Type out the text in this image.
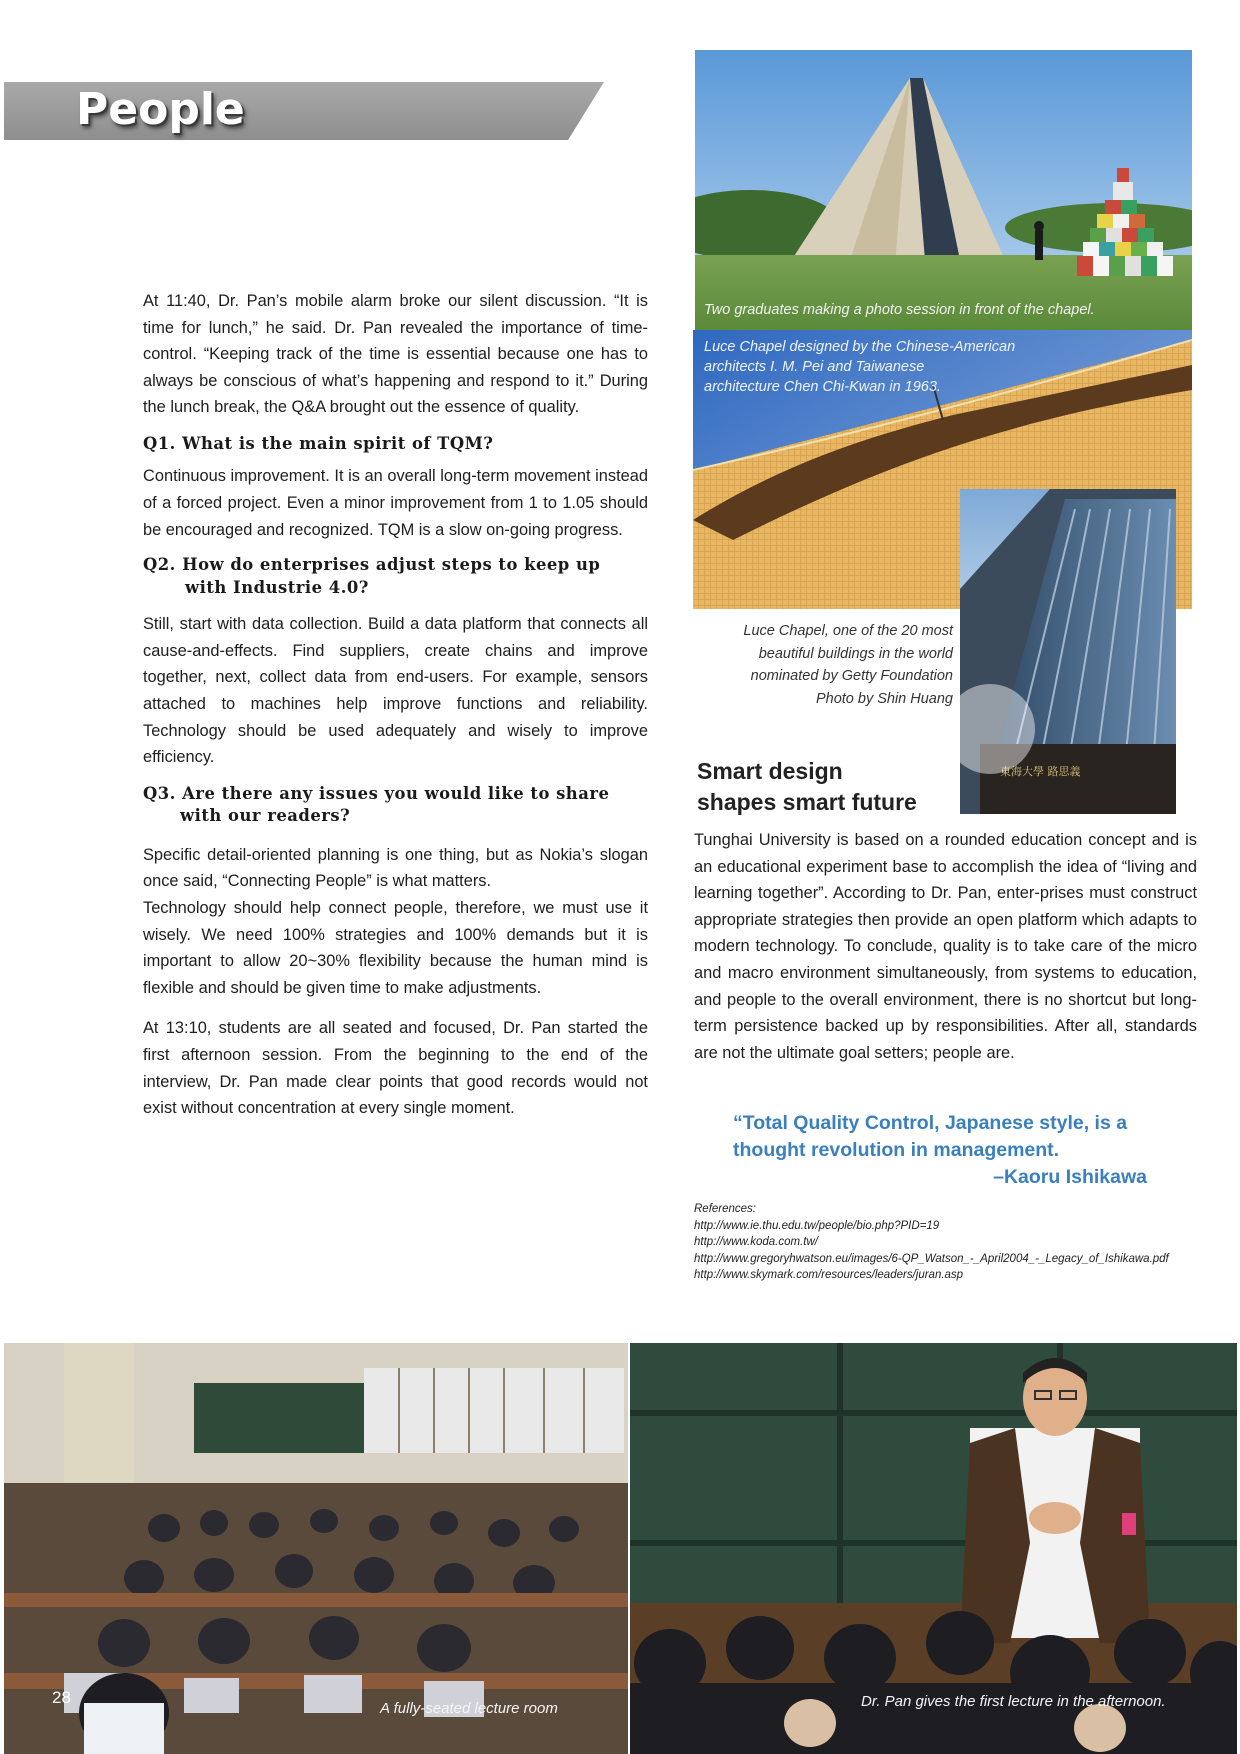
People

At 11:40, Dr. Pan’s mobile alarm broke our silent discussion. “It is time for lunch,” he said. Dr. Pan revealed the importance of time-control. “Keeping track of the time is essential because one has to always be conscious of what’s happening and respond to it.” During the lunch break, the Q&A brought out the essence of quality.

Q1. What is the main spirit of TQM?

Continuous improvement. It is an overall long-term movement instead of a forced project. Even a minor improvement from 1 to 1.05 should be encouraged and recognized. TQM is a slow on-going progress.

Q2. How do enterprises adjust steps to keep up
with Industrie 4.0?

Still, start with data collection. Build a data platform that connects all cause-and-effects. Find suppliers, create chains and improve together, next, collect data from end-users. For example, sensors attached to machines help improve functions and reliability. Technology should be used adequately and wisely to improve efficiency.

Q3. Are there any issues you would like to share
with our readers?

Specific detail-oriented planning is one thing, but as Nokia’s slogan once said, “Connecting People” is what matters.

Technology should help connect people, therefore, we must use it wisely. We need 100% strategies and 100% demands but it is important to allow 20~30% flexibility because the human mind is flexible and should be given time to make adjustments.

At 13:10, students are all seated and focused, Dr. Pan started the first afternoon session. From the beginning to the end of the interview, Dr. Pan made clear points that good records would not exist without concentration at every single moment.

Two graduates making a photo session in front of the chapel.
Luce Chapel designed by the Chinese-American
architects I. M. Pei and Taiwanese
architecture Chen Chi-Kwan in 1963.
東海大學 路思義
Luce Chapel, one of the 20 most
beautiful buildings in the world
nominated by Getty Foundation
Photo by Shin Huang
Smart design
shapes smart future

Tunghai University is based on a rounded education concept and is an educational experiment base to accomplish the idea of “living and learning together”. According to Dr. Pan, enter-prises must construct appropriate strategies then provide an open platform which adapts to modern technology. To conclude, quality is to take care of the micro and macro environment simultaneously, from systems to education, and people to the overall environment, there is no shortcut but long-term persistence backed up by responsibilities. After all, standards are not the ultimate goal setters; people are.

“Total Quality Control, Japanese style, is a
thought revolution in management.
–Kaoru Ishikawa
References:
http://www.ie.thu.edu.tw/people/bio.php?PID=19
http://www.koda.com.tw/
http://www.gregoryhwatson.eu/images/6-QP_Watson_-_April2004_-_Legacy_of_Ishikawa.pdf
http://www.skymark.com/resources/leaders/juran.asp
A fully-seated lecture room
28	Dr. Pan gives the first lecture in the afternoon.
